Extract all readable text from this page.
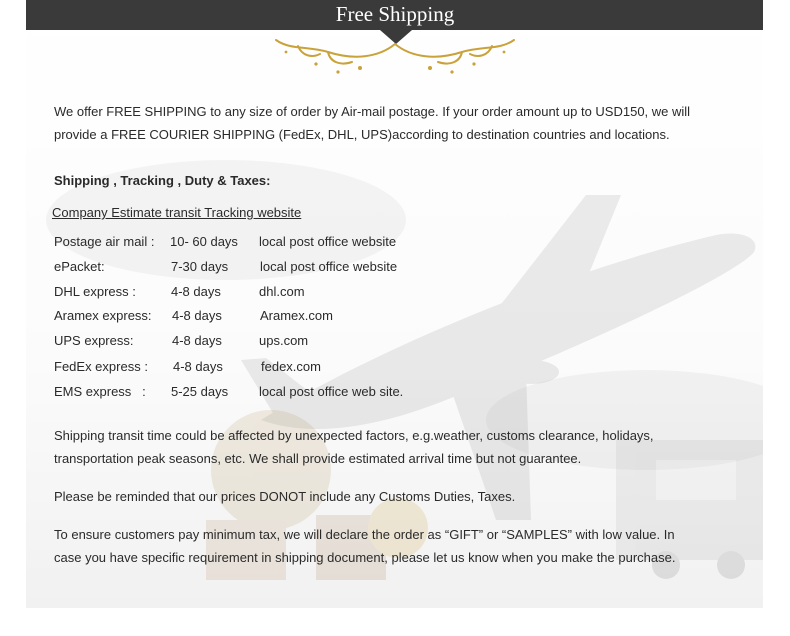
Free Shipping
We offer FREE SHIPPING to any size of order by Air-mail postage. If your order amount up to USD150, we will
provide a FREE COURIER SHIPPING (FedEx, DHL, UPS)according to destination countries and locations.
Shipping , Tracking , Duty & Taxes:
Company Estimate transit Tracking website
Postage air mail : 10- 60 days local post office website
ePacket:	7-30 days local post office website
DHL express :	4-8 days	dhl.com
Aramex express: 4-8 days	Aramex.com
UPS express:	4-8 days	ups.com
FedEx express : 4-8 days	fedex.com
EMS express   : 5-25 days local post office web site.
Shipping transit time could be affected by unexpected factors, e.g.weather, customs clearance, holidays,
transportation peak seasons, etc. We shall provide estimated arrival time but not guarantee.
Please be reminded that our prices DONOT include any Customs Duties, Taxes.
To ensure customers pay minimum tax, we will declare the order as “GIFT” or “SAMPLES” with low value. In
case you have specific requirement in shipping document, please let us know when you make the purchase.
